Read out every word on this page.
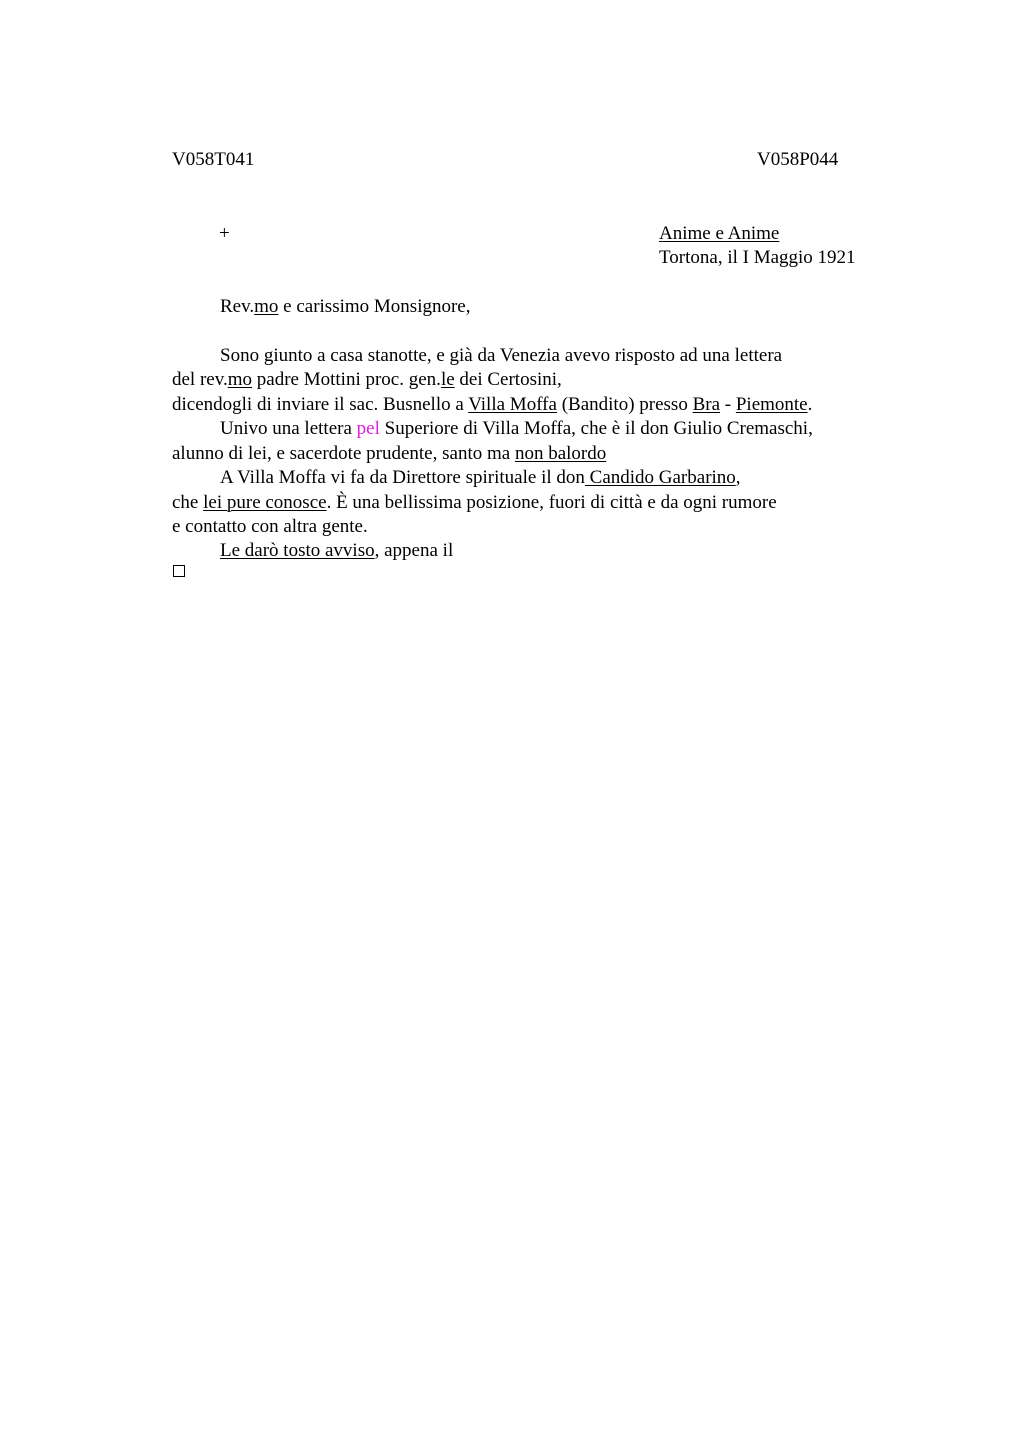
V058T041	V058P044
+	Anime e Anime
Tortona, il I Maggio 1921
Rev.mo e carissimo Monsignore,
Sono giunto a casa stanotte, e già da Venezia avevo risposto ad una lettera
del rev.mo padre Mottini proc. gen.le dei Certosini,
dicendogli di inviare il sac. Busnello a Villa Moffa (Bandito) presso Bra - Piemonte.
Univo una lettera pel Superiore di Villa Moffa, che è il don Giulio Cremaschi,
alunno di lei, e sacerdote prudente, santo ma non balordo
A Villa Moffa vi fa da Direttore spirituale il don Candido Garbarino,
che lei pure conosce. È una bellissima posizione, fuori di città e da ogni rumore
e contatto con altra gente.
Le darò tosto avviso, appena il
